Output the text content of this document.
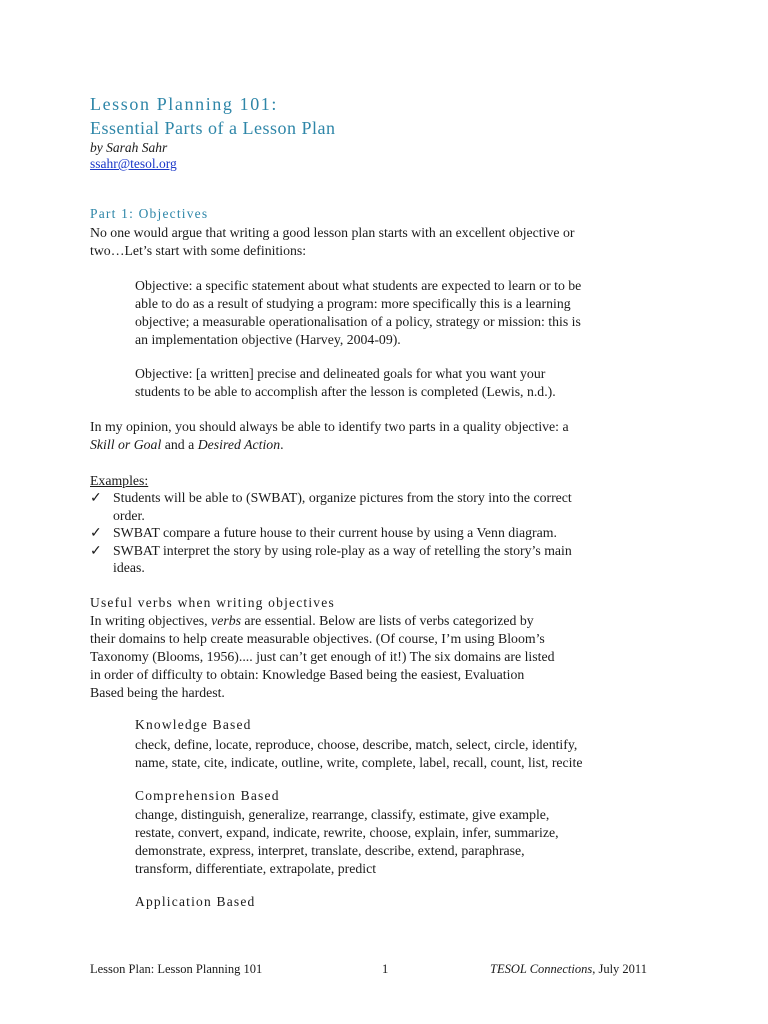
Lesson Planning 101:
Essential Parts of a Lesson Plan
by Sarah Sahr
ssahr@tesol.org
Part 1: Objectives
No one would argue that writing a good lesson plan starts with an excellent objective or
two…Let’s start with some definitions:
Objective: a specific statement about what students are expected to learn or to be
able to do as a result of studying a program: more specifically this is a learning
objective; a measurable operationalisation of a policy, strategy or mission: this is
an implementation objective (Harvey, 2004-09).
Objective: [a written] precise and delineated goals for what you want your
students to be able to accomplish after the lesson is completed (Lewis, n.d.).
In my opinion, you should always be able to identify two parts in a quality objective: a
Skill or Goal and a Desired Action.
Examples:
✓ Students will be able to (SWBAT), organize pictures from the story into the correct
order.
✓ SWBAT compare a future house to their current house by using a Venn diagram.
✓ SWBAT interpret the story by using role-play as a way of retelling the story’s main
ideas.
Useful verbs when writing objectives
In writing objectives, verbs are essential. Below are lists of verbs categorized by
their domains to help create measurable objectives. (Of course, I’m using Bloom’s
Taxonomy (Blooms, 1956).... just can’t get enough of it!) The six domains are listed
in order of difficulty to obtain: Knowledge Based being the easiest, Evaluation
Based being the hardest.
Knowledge Based
check, define, locate, reproduce, choose, describe, match, select, circle, identify,
name, state, cite, indicate, outline, write, complete, label, recall, count, list, recite
Comprehension Based
change, distinguish, generalize, rearrange, classify, estimate, give example,
restate, convert, expand, indicate, rewrite, choose, explain, infer, summarize,
demonstrate, express, interpret, translate, describe, extend, paraphrase,
transform, differentiate, extrapolate, predict
Application Based
Lesson Plan: Lesson Planning 101	1	TESOL Connections, July 2011
